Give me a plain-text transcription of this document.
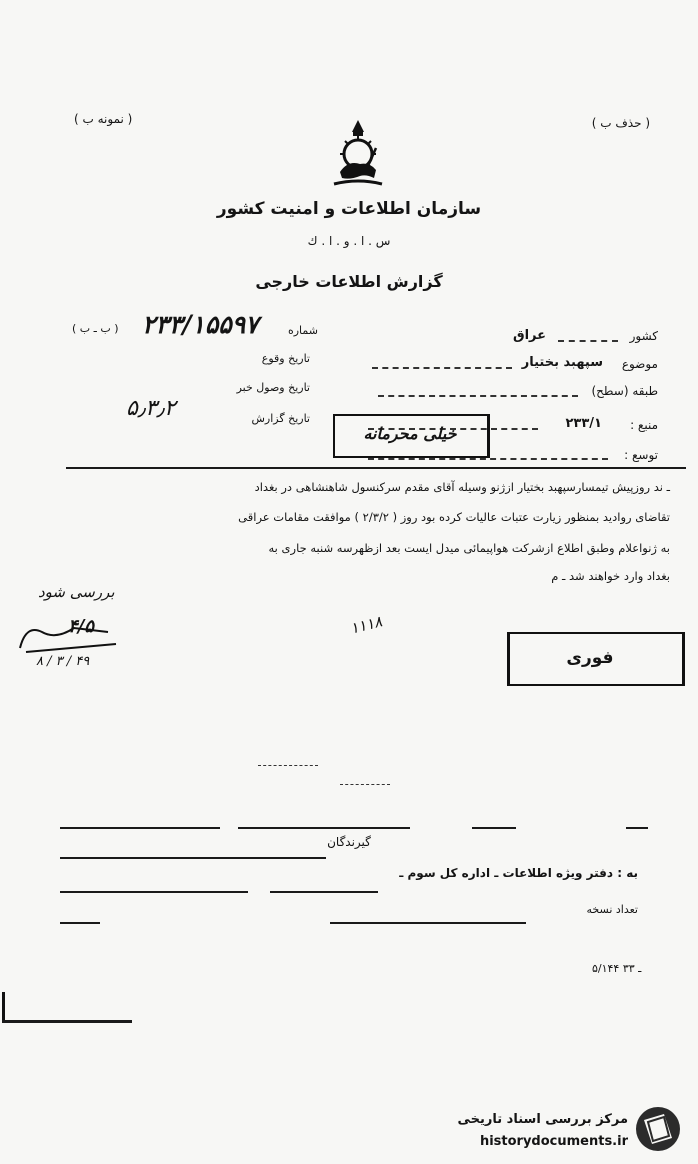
( حذف ب )
( نمونه ب )
سازمان اطلاعات و امنیت کشور
س . ا . و . ا . ك
گزارش اطلاعات خارجی
کشور
عراق
موضوع
سپهبد بختیار
طبقه (سطح)
منبع :
۲۳۳/۱
توسع :
شماره
۲۳۳/۱۵۵۹۷
( ب ـ ب )
تاریخ وقوع
تاریخ وصول خبر
تاریخ گزارش
۵٫۳٫۲
خیلی محرمانه
ـ ند روزپیش تیمسارسپهبد بختیار ازژنو وسیله آقای مقدم سرکنسول شاهنشاهی در بغداد
تقاضای روادید بمنظور زیارت عتبات عالیات کرده بود روز ( ۲/۳/۲ ) موافقت مقامات عراقی
به ژنواعلام وطبق اطلاع ازشرکت هواپیمائی میدل ایست بعد ازظهرسه شنبه جاری به
بغداد وارد خواهند شد ـ م
بررسی شود
۴/۵
۸ / ۳ / ۴۹
۱۱۱۸
فوری
گیرندگان
به : دفتر ویژه اطلاعات ـ اداره کل سوم ـ
تعداد نسخه
۵/۱۴۴ ـ ۳۳
مرکز بررسی اسناد تاریخی
historydocuments.ir
